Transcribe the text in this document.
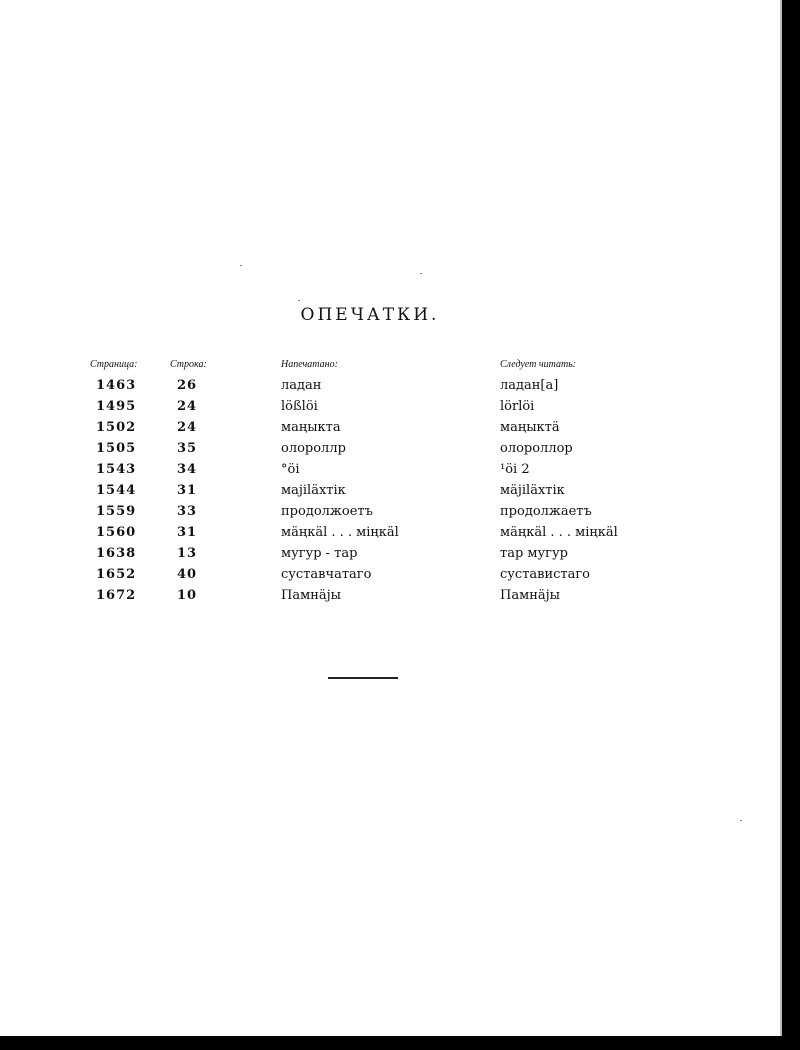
ОПЕЧАТКИ.
Страница:	Строка:	Напечатано:	Следует читать:
1463	26	ладан	ладан[а]
1495	24	lößlöi	lörlöi
1502	24	маңыкта	маңыктä
1505	35	олороллр	олороллор
1543	34	°öi	¹öi 2
1544	31	мajiläхтік	мäjiläхтік
1559	33	продолжоетъ	продолжаетъ
1560	31	мäңкäl . . . міңкäl	мäңкäl . . . міңкäl
1638	13	мугур - тар	тар мугур
1652	40	суставчатаго	суставистаго
1672	10	Памнäjы	Памнäjы
